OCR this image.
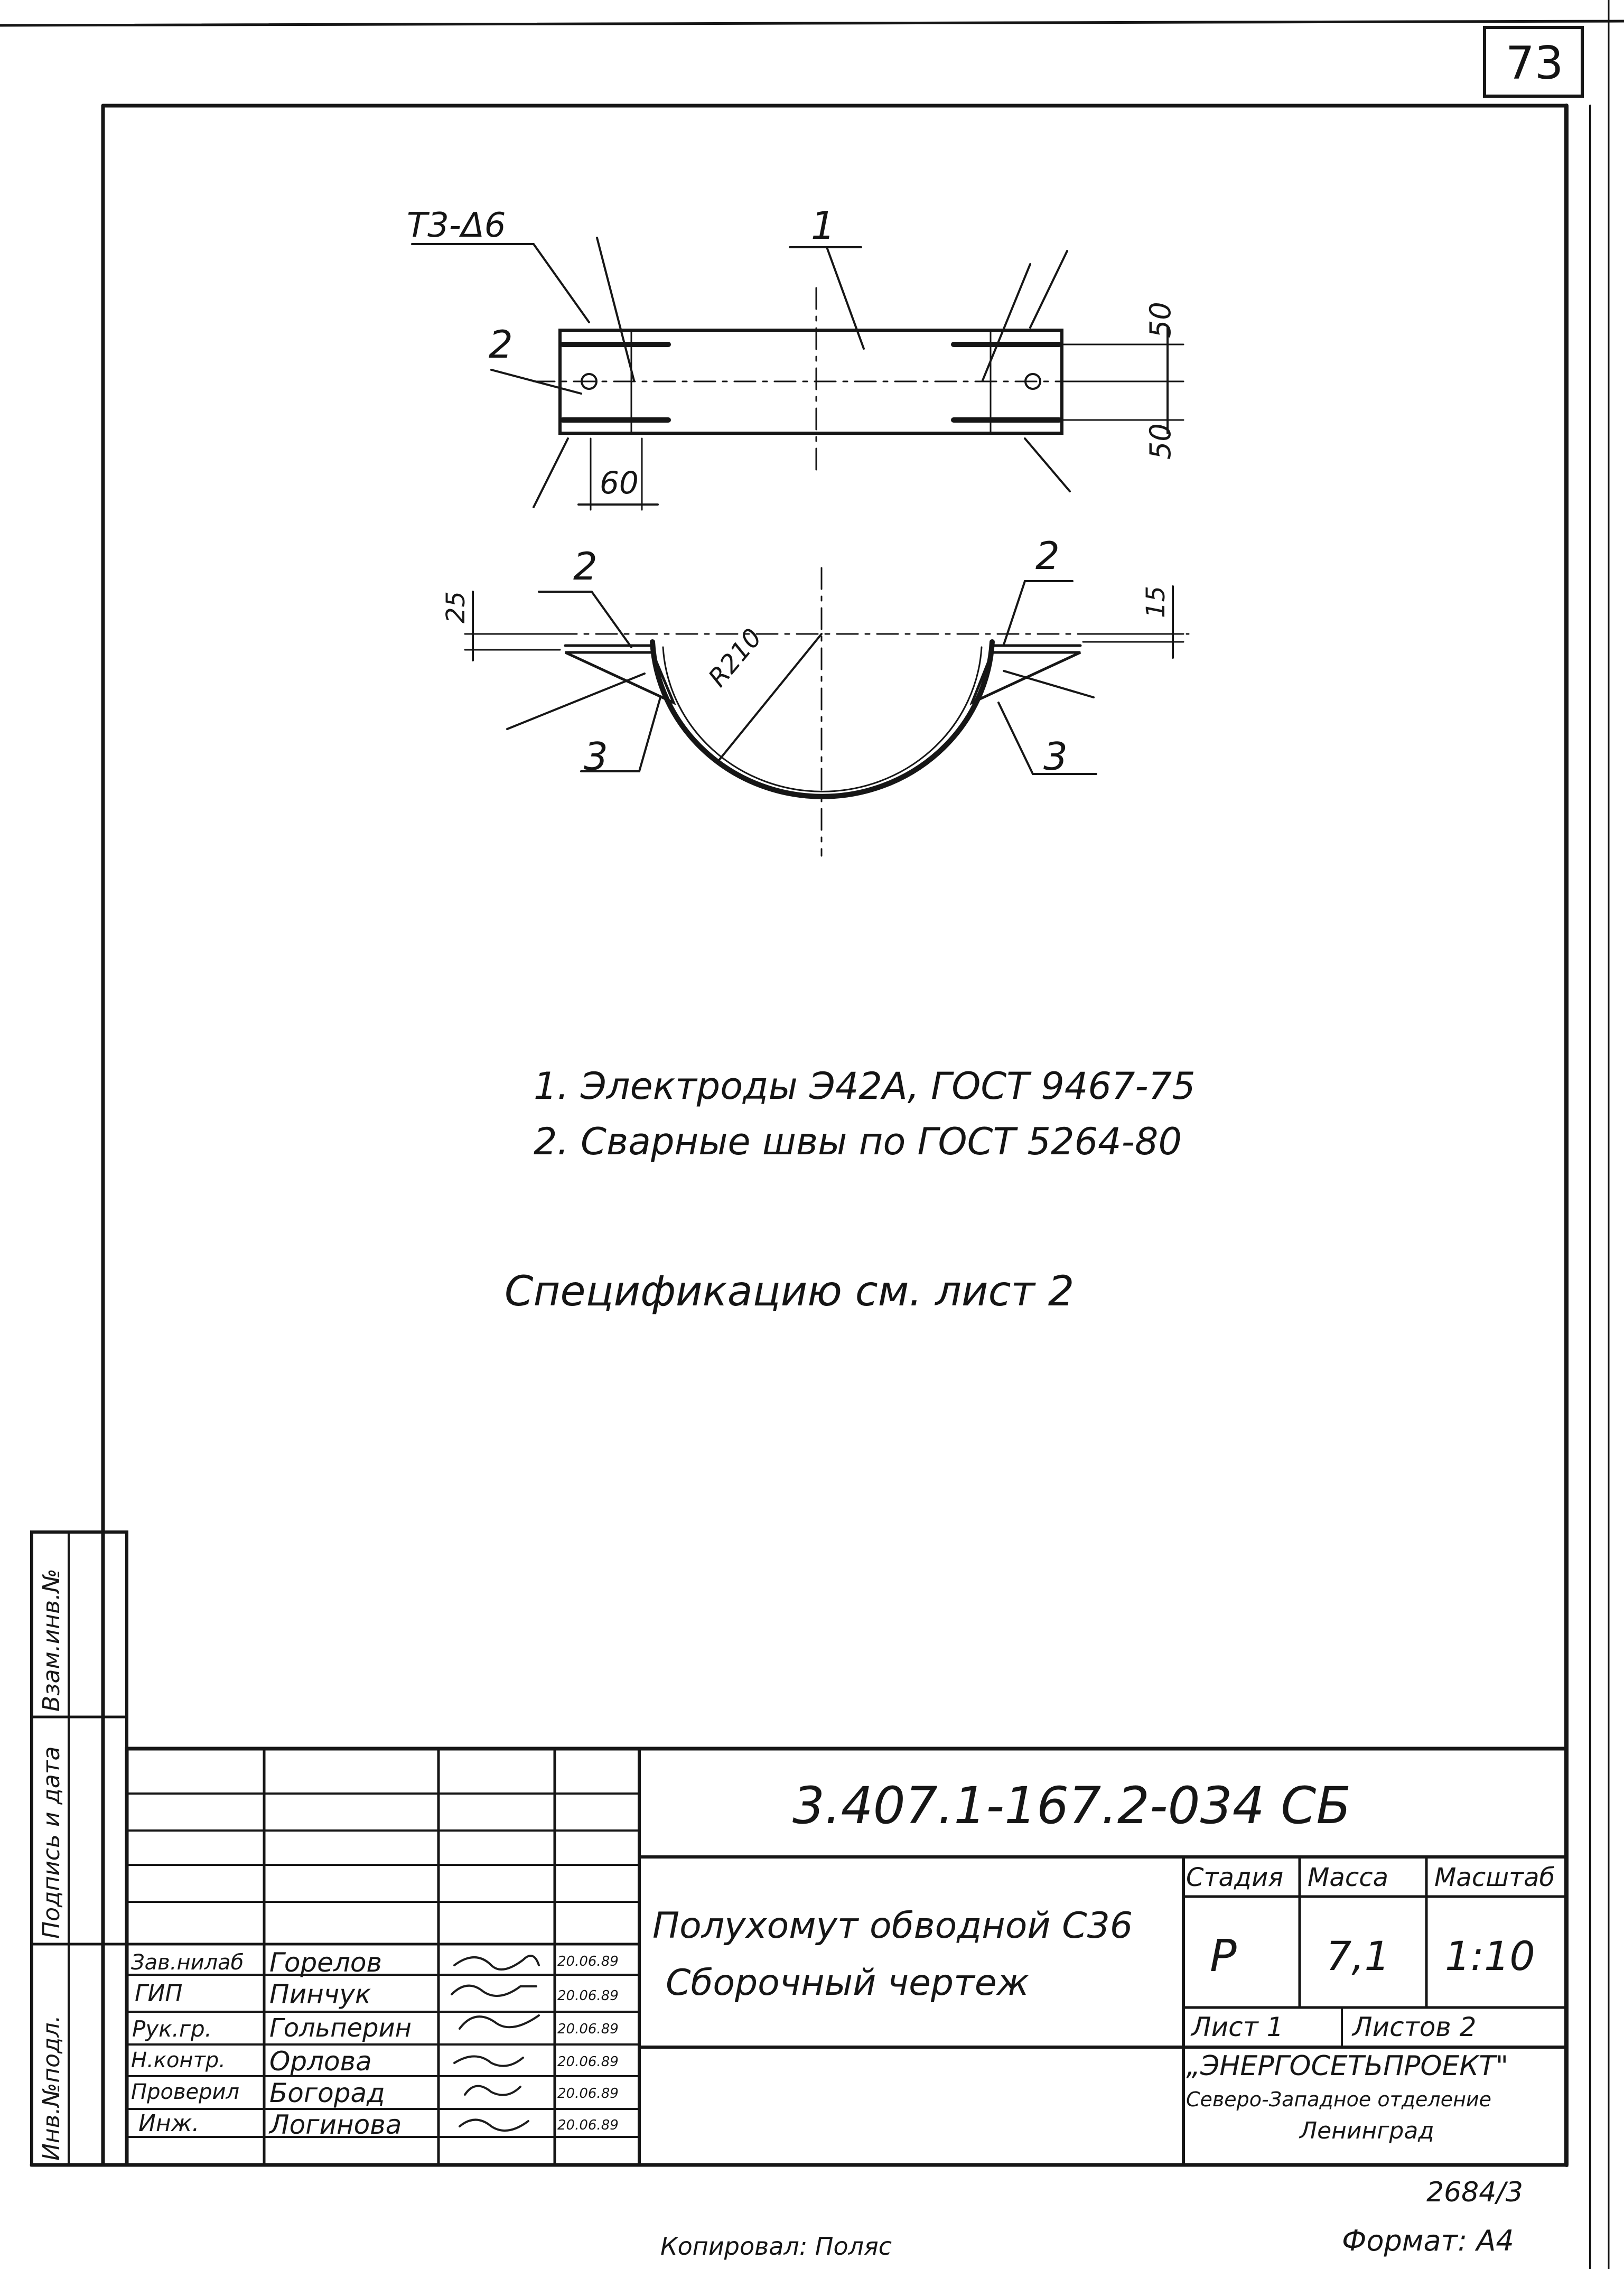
73
Т3-Δ6	1
2
2	2
3	3
60
50
50
25	15
R210
1. Электроды Э42А, ГОСТ 9467-75
2. Сварные швы по ГОСТ 5264-80
Спецификацию см. лист 2
Инв.№подл.
Подпись и дата
Взам.инв.№
3.407.1-167.2-034 СБ
Полухомут обводной С36
Сборочный чертеж
Стадия Масса Масштаб
Р 7,1 1:10
Лист 1	Листов 2
„ЭНЕРГОСЕТЬПРОЕКТ"
Северо-Западное отделение
Ленинград
Зав.нилаб Горелов	20.06.89
ГИП	Пинчук	20.06.89
Рук.гр. Гольперин	20.06.89
Н.контр. Орлова	20.06.89
Проверил Богорад	20.06.89
Инж.	Логинова	20.06.89
2684/3
Копировал: Поляс	Формат: А4
